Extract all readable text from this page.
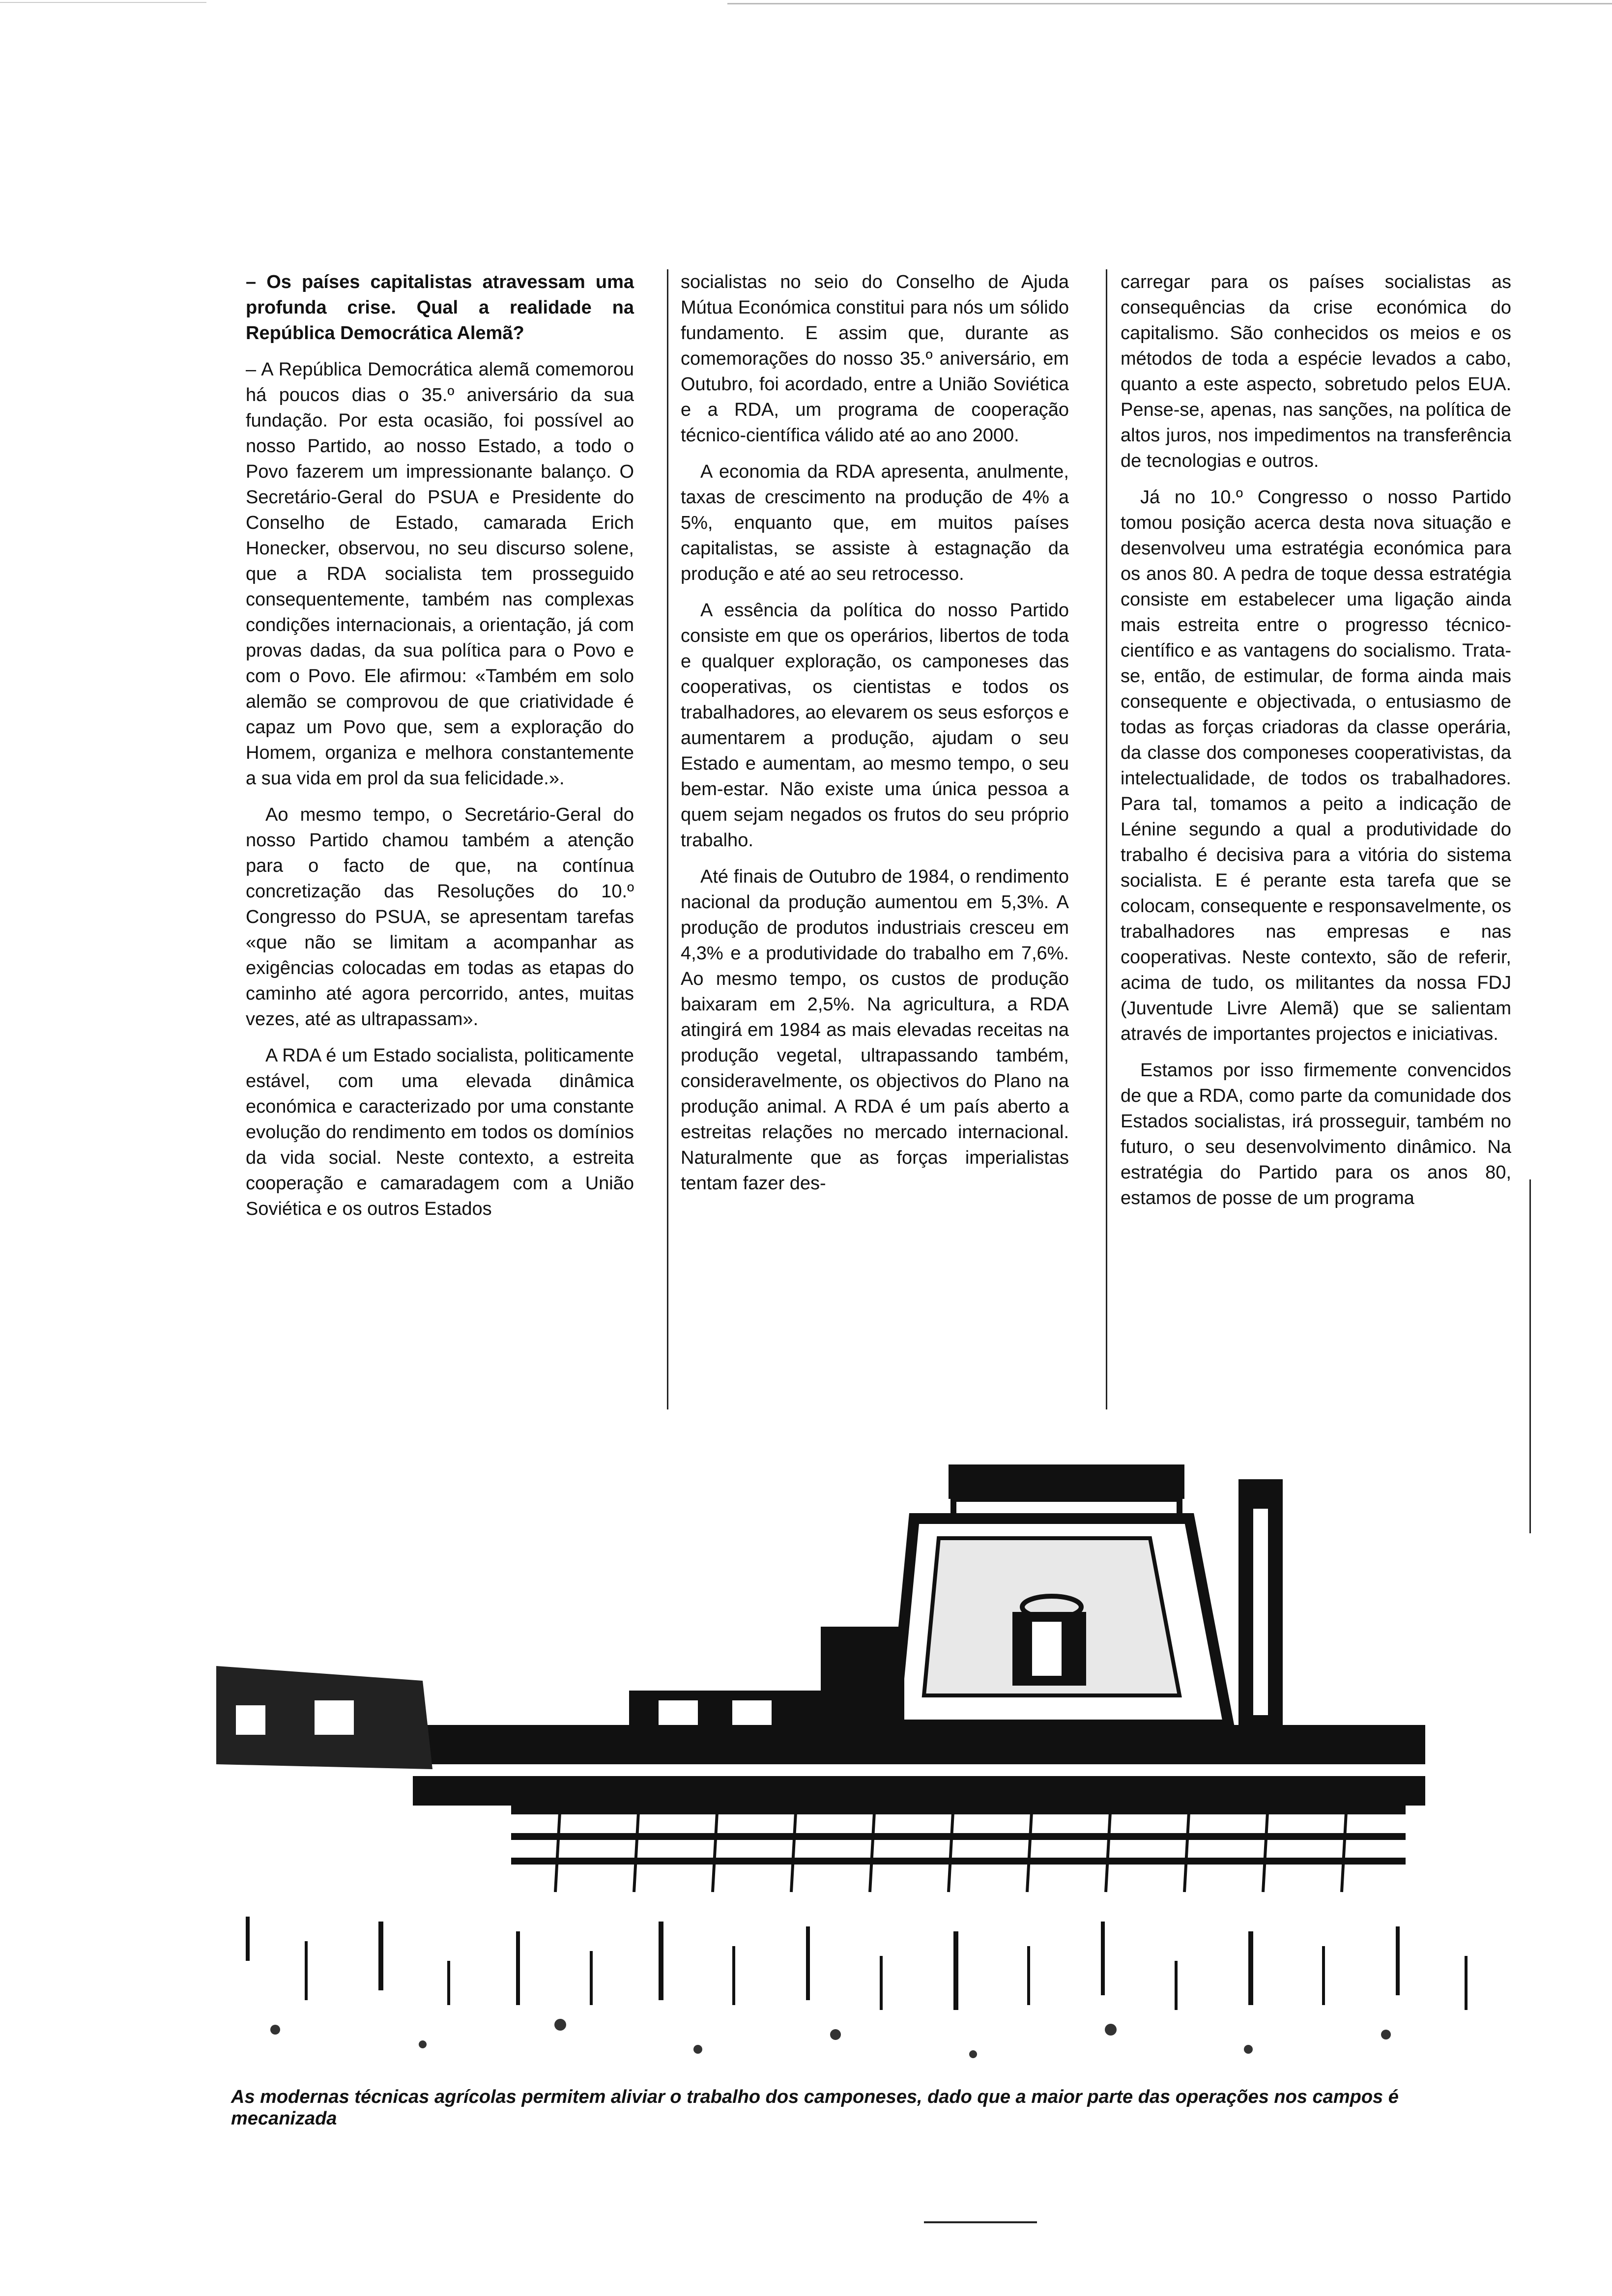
– Os países capitalistas atravessam uma profunda crise. Qual a realidade na República Democrática Alemã?

– A República Democrática alemã comemorou há poucos dias o 35.º aniversário da sua fundação. Por esta ocasião, foi possível ao nosso Partido, ao nosso Estado, a todo o Povo fazerem um impressionante balanço. O Secretário-Geral do PSUA e Presidente do Conselho de Estado, camarada Erich Honecker, observou, no seu discurso solene, que a RDA socialista tem prosseguido consequentemente, também nas complexas condições internacionais, a orientação, já com provas dadas, da sua política para o Povo e com o Povo. Ele afirmou: «Também em solo alemão se comprovou de que criatividade é capaz um Povo que, sem a exploração do Homem, organiza e melhora constantemente a sua vida em prol da sua felicidade.».

Ao mesmo tempo, o Secretário-Geral do nosso Partido chamou também a atenção para o facto de que, na contínua concretização das Resoluções do 10.º Congresso do PSUA, se apresentam tarefas «que não se limitam a acompanhar as exigências colocadas em todas as etapas do caminho até agora percorrido, antes, muitas vezes, até as ultrapassam».

A RDA é um Estado socialista, politicamente estável, com uma elevada dinâmica económica e caracterizado por uma constante evolução do rendimento em todos os domínios da vida social. Neste contexto, a estreita cooperação e camaradagem com a União Soviética e os outros Estados

socialistas no seio do Conselho de Ajuda Mútua Económica constitui para nós um sólido fundamento. E assim que, durante as comemorações do nosso 35.º aniversário, em Outubro, foi acordado, entre a União Soviética e a RDA, um programa de cooperação técnico-científica válido até ao ano 2000.

A economia da RDA apresenta, anulmente, taxas de crescimento na produção de 4% a 5%, enquanto que, em muitos países capitalistas, se assiste à estagnação da produção e até ao seu retrocesso.

A essência da política do nosso Partido consiste em que os operários, libertos de toda e qualquer exploração, os camponeses das cooperativas, os cientistas e todos os trabalhadores, ao elevarem os seus esforços e aumentarem a produção, ajudam o seu Estado e aumentam, ao mesmo tempo, o seu bem-estar. Não existe uma única pessoa a quem sejam negados os frutos do seu próprio trabalho.

Até finais de Outubro de 1984, o rendimento nacional da produção aumentou em 5,3%. A produção de produtos industriais cresceu em 4,3% e a produtividade do trabalho em 7,6%. Ao mesmo tempo, os custos de produção baixaram em 2,5%. Na agricultura, a RDA atingirá em 1984 as mais elevadas receitas na produção vegetal, ultrapassando também, consideravelmente, os objectivos do Plano na produção animal. A RDA é um país aberto a estreitas relações no mercado internacional. Naturalmente que as forças imperialistas tentam fazer des-

carregar para os países socialistas as consequências da crise económica do capitalismo. São conhecidos os meios e os métodos de toda a espécie levados a cabo, quanto a este aspecto, sobretudo pelos EUA. Pense-se, apenas, nas sanções, na política de altos juros, nos impedimentos na transferência de tecnologias e outros.

Já no 10.º Congresso o nosso Partido tomou posição acerca desta nova situação e desenvolveu uma estratégia económica para os anos 80. A pedra de toque dessa estratégia consiste em estabelecer uma ligação ainda mais estreita entre o progresso técnico-científico e as vantagens do socialismo. Trata-se, então, de estimular, de forma ainda mais consequente e objectivada, o entusiasmo de todas as forças criadoras da classe operária, da classe dos componeses cooperativistas, da intelectualidade, de todos os trabalhadores. Para tal, tomamos a peito a indicação de Lénine segundo a qual a produtividade do trabalho é decisiva para a vitória do sistema socialista. E é perante esta tarefa que se colocam, consequente e responsavelmente, os trabalhadores nas empresas e nas cooperativas. Neste contexto, são de referir, acima de tudo, os militantes da nossa FDJ (Juventude Livre Alemã) que se salientam através de importantes projectos e iniciativas.

Estamos por isso firmemente convencidos de que a RDA, como parte da comunidade dos Estados socialistas, irá prosseguir, também no futuro, o seu desenvolvimento dinâmico. Na estratégia do Partido para os anos 80, estamos de posse de um programa

As modernas técnicas agrícolas permitem aliviar o trabalho dos camponeses, dado que a maior parte das operações nos campos é mecanizada
